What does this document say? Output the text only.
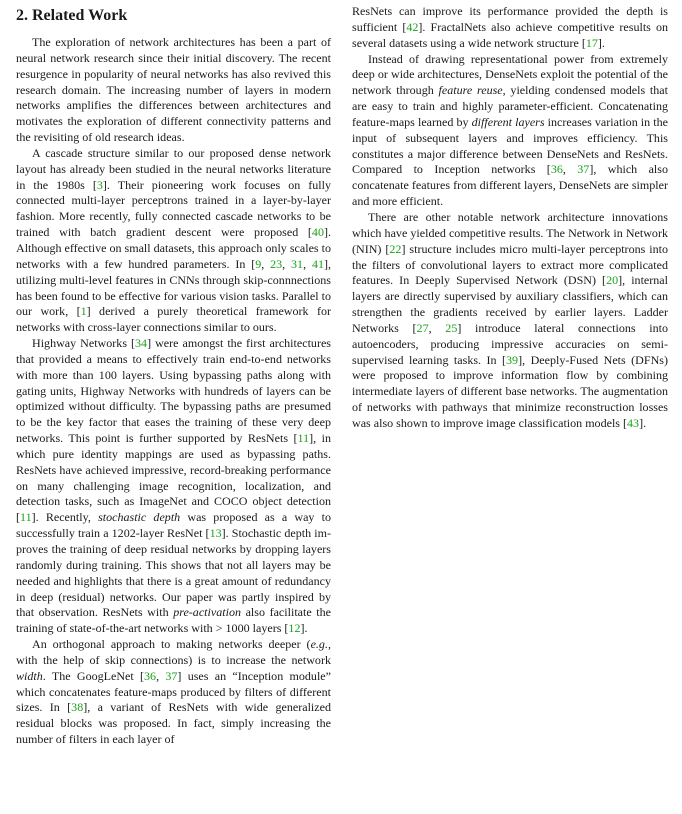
2. Related Work

The exploration of network architectures has been a part of neural network research since their initial discovery. The recent resurgence in popularity of neural networks has also revived this research domain. The increasing number of layers in modern networks amplifies the differences between architectures and motivates the exploration of different connectivity patterns and the revisiting of old research ideas.

A cascade structure similar to our proposed dense network layout has already been studied in the neural networks literature in the 1980s [3]. Their pioneering work focuses on fully connected multi-layer perceptrons trained in a layer-by-layer fashion. More recently, fully connected cascade networks to be trained with batch gradient descent were proposed [40]. Although effective on small datasets, this approach only scales to networks with a few hundred parameters. In [9, 23, 31, 41], utilizing multi-level features in CNNs through skip-connnections has been found to be effective for various vision tasks. Parallel to our work, [1] derived a purely theoretical framework for networks with cross-layer connections similar to ours.

Highway Networks [34] were amongst the first architectures that provided a means to effectively train end-to-end networks with more than 100 layers. Using bypassing paths along with gating units, Highway Networks with hundreds of layers can be optimized without difficulty. The bypassing paths are presumed to be the key factor that eases the training of these very deep networks. This point is further supported by ResNets [11], in which pure identity mappings are used as bypassing paths. ResNets have achieved impressive, record-breaking performance on many challenging image recognition, localization, and detection tasks, such as ImageNet and COCO object detection [11]. Recently, stochastic depth was proposed as a way to successfully train a 1202-layer ResNet [13]. Stochastic depth improves the training of deep residual networks by dropping layers randomly during training. This shows that not all layers may be needed and highlights that there is a great amount of redundancy in deep (residual) networks. Our paper was partly inspired by that observation. ResNets with pre-activation also facilitate the training of state-of-the-art networks with > 1000 layers [12].

An orthogonal approach to making networks deeper (e.g., with the help of skip connections) is to increase the network width. The GoogLeNet [36, 37] uses an “Inception module” which concatenates feature-maps produced by filters of different sizes. In [38], a variant of ResNets with wide generalized residual blocks was proposed. In fact, simply increasing the number of filters in each layer of

ResNets can improve its performance provided the depth is sufficient [42]. FractalNets also achieve competitive results on several datasets using a wide network structure [17].

Instead of drawing representational power from extremely deep or wide architectures, DenseNets exploit the potential of the network through feature reuse, yielding condensed models that are easy to train and highly parameter-efficient. Concatenating feature-maps learned by different layers increases variation in the input of subsequent layers and improves efficiency. This constitutes a major difference between DenseNets and ResNets. Compared to Inception networks [36, 37], which also concatenate features from different layers, DenseNets are simpler and more efficient.

There are other notable network architecture innovations which have yielded competitive results. The Network in Network (NIN) [22] structure includes micro multi-layer perceptrons into the filters of convolutional layers to extract more complicated features. In Deeply Supervised Network (DSN) [20], internal layers are directly supervised by auxiliary classifiers, which can strengthen the gradients received by earlier layers. Ladder Networks [27, 25] introduce lateral connections into autoencoders, producing impressive accuracies on semi-supervised learning tasks. In [39], Deeply-Fused Nets (DFNs) were proposed to improve information flow by combining intermediate layers of different base networks. The augmentation of networks with pathways that minimize reconstruction losses was also shown to improve image classification models [43].
